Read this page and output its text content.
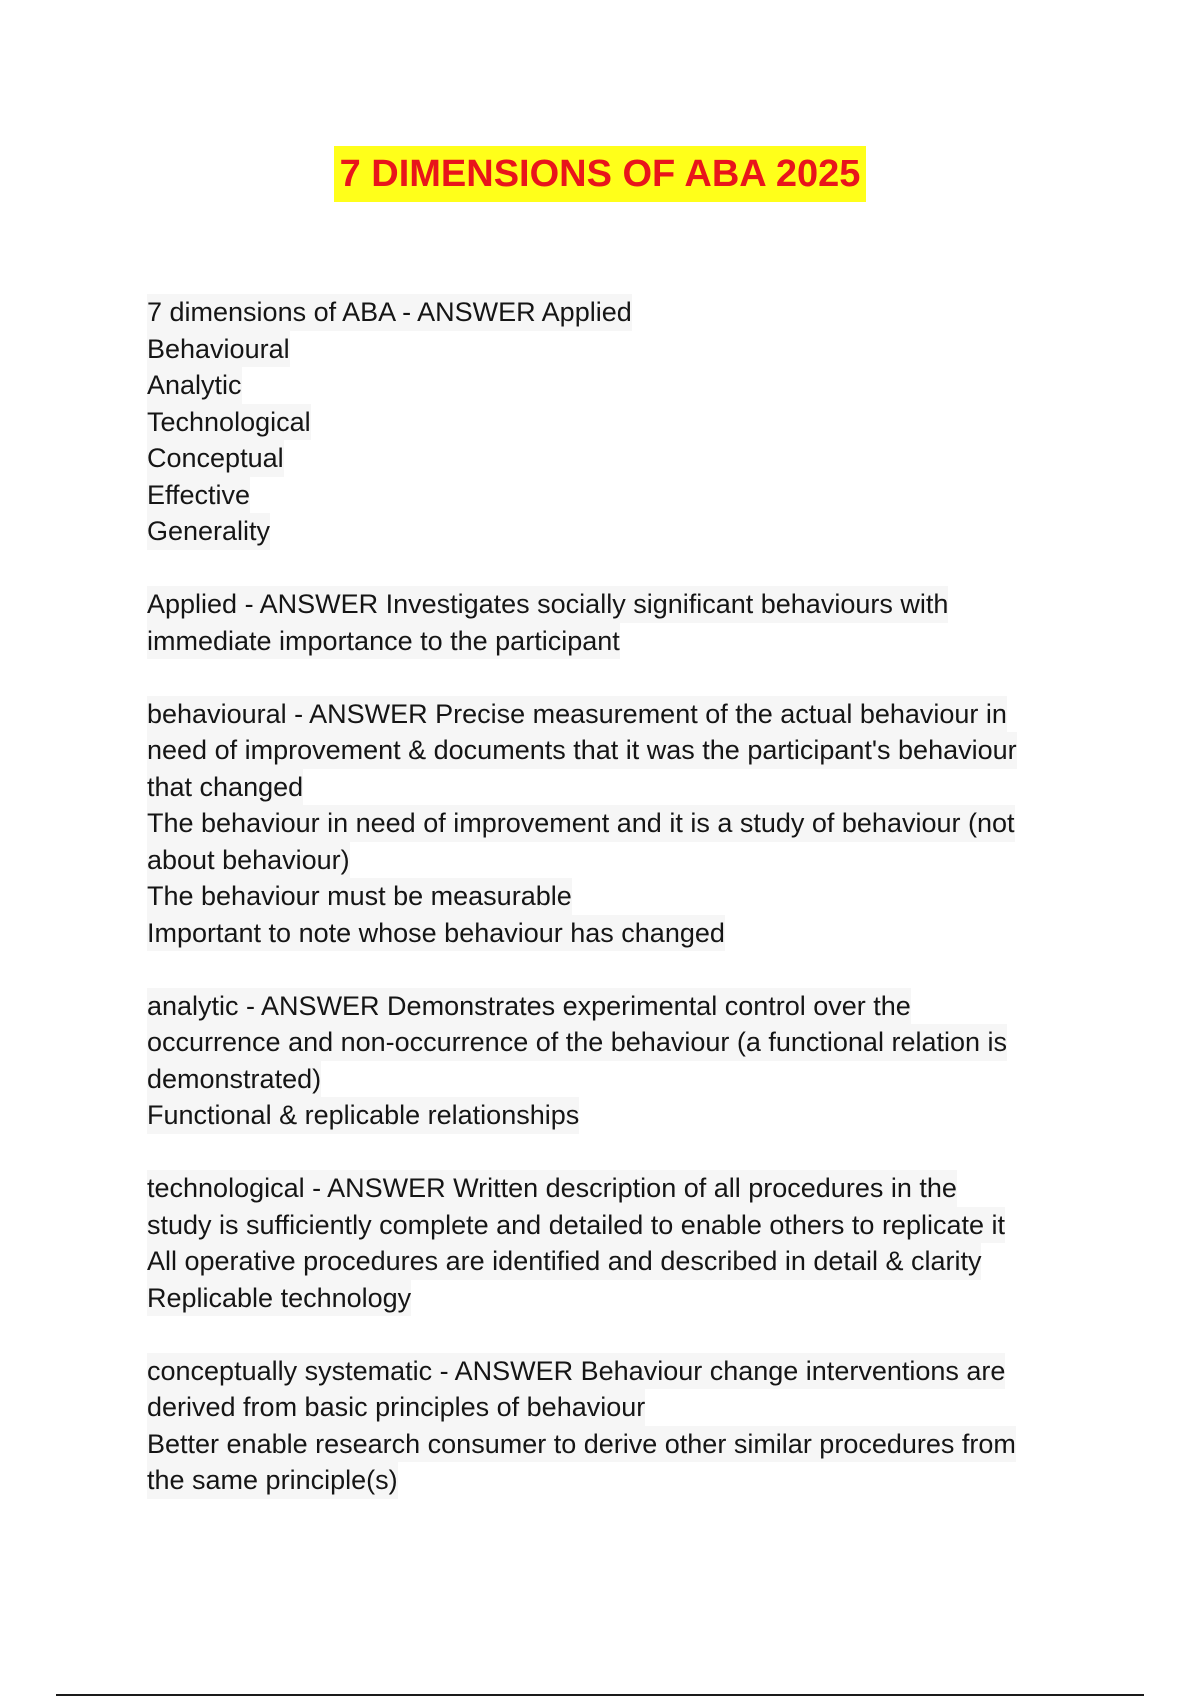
7 DIMENSIONS OF ABA 2025
7 dimensions of ABA - ANSWER Applied
Behavioural
Analytic
Technological
Conceptual
Effective
Generality
Applied - ANSWER Investigates socially significant behaviours with
immediate importance to the participant
behavioural - ANSWER Precise measurement of the actual behaviour in
need of improvement & documents that it was the participant's behaviour
that changed
The behaviour in need of improvement and it is a study of behaviour (not
about behaviour)
The behaviour must be measurable
Important to note whose behaviour has changed
analytic - ANSWER Demonstrates experimental control over the
occurrence and non-occurrence of the behaviour (a functional relation is
demonstrated)
Functional & replicable relationships
technological - ANSWER Written description of all procedures in the
study is sufficiently complete and detailed to enable others to replicate it
All operative procedures are identified and described in detail & clarity
Replicable technology
conceptually systematic - ANSWER Behaviour change interventions are
derived from basic principles of behaviour
Better enable research consumer to derive other similar procedures from
the same principle(s)
